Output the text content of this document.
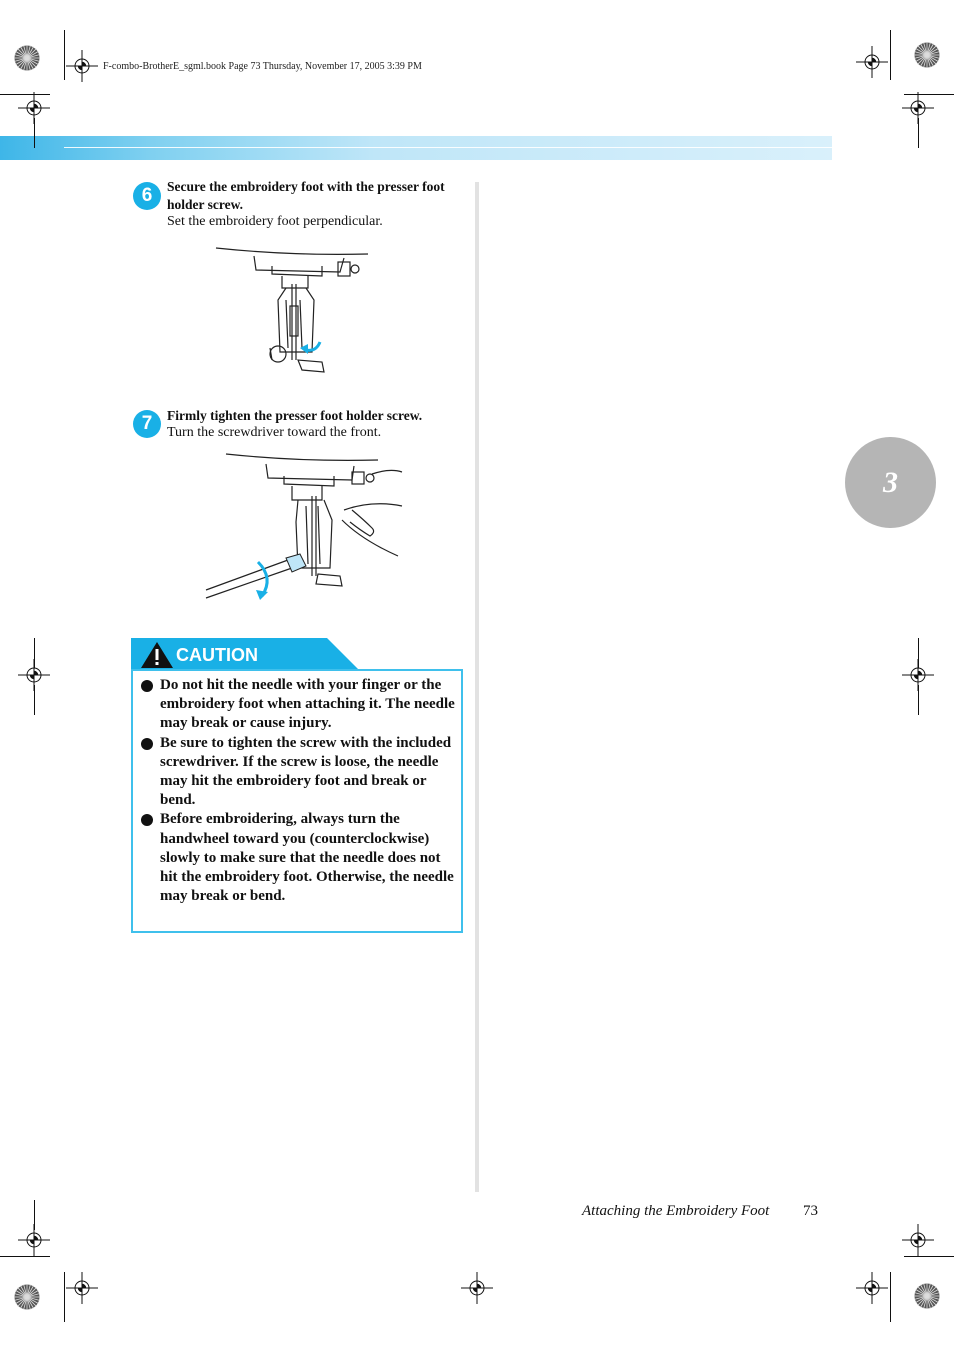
F-combo-BrotherE_sgml.book Page 73 Thursday, November 17, 2005 3:39 PM
3
6	Secure the embroidery foot with the presser foot holder screw.
Set the embroidery foot perpendicular.
7	Firmly tighten the presser foot holder screw.
Turn the screwdriver toward the front.
CAUTION
Do not hit the needle with your finger or the embroidery foot when attaching it. The needle may break or cause injury.
Be sure to tighten the screw with the included screwdriver. If the screw is loose, the needle may hit the embroidery foot and break or bend.
Before embroidering, always turn the handwheel toward you (counterclockwise) slowly to make sure that the needle does not hit the embroidery foot. Otherwise, the needle may break or bend.
Attaching the Embroidery Foot 73
